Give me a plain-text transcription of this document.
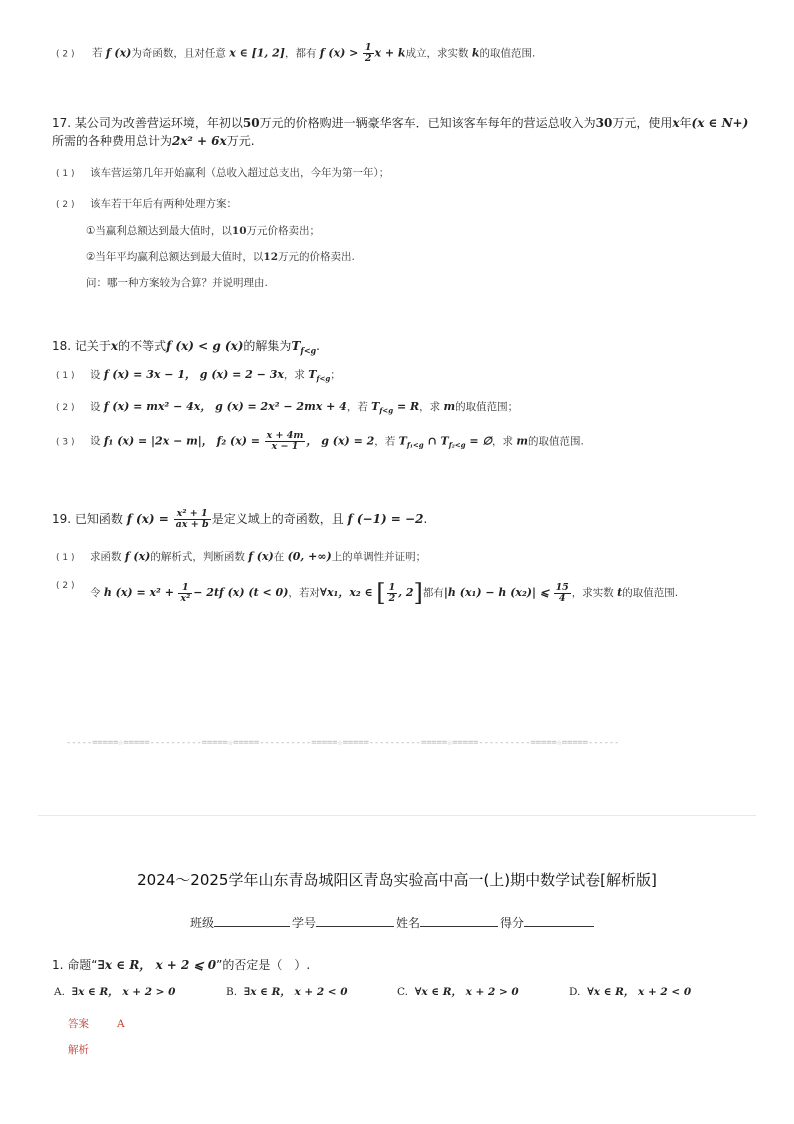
( 2 ) 若 f (x)为奇函数，且对任意 x ∈ [1, 2]，都有 f $(x) > \frac{1}{2}$ x + k成立，求实数 k的取值范围.
17. 某公司为改善营运环境，年初以50万元的价格购进一辆豪华客车．已知该客车每年的营运总收入为30万元，使用x年(x ∈ N+)
所需的各种费用总计为2x² + 6x万元.
( 1 ) 该车营运第几年开始赢利（总收入超过总支出，今年为第一年）；
( 2 ) 该车若干年后有两种处理方案：
①当赢利总额达到最大值时，以10万元价格卖出；
②当年平均赢利总额达到最大值时，以12万元的价格卖出.
问：哪一种方案较为合算？并说明理由.
18. 记关于x的不等式f (x) < g (x)的解集为$T_{f<g}$.
( 1 ) 设 f (x) = 3x − 1， g (x) = 2 − 3x，求 $T_{f<g}$；
( 2 ) 设 f (x) = mx² − 4x， g (x) = 2x² − 2mx + 4，若 $T_{f<g} = R$，求 m的取值范围；
( 3 ) 设 f₁ (x) = |2x − m|， f₂ $(x) = \frac{x + 4m}{x - 1}$ ， g (x) = 2，若 $T_{f_1<g}$ ∩ $T_{f_2<g}$ = ∅，求 m的取值范围.
19. 已知函数 f $(x) = \frac{\text{x² + 1}}{ax + b}$ 是定义域上的奇函数，且 f (−1) = −2.
( 1 ) 求函数 f (x)的解析式，判断函数 f (x)在 (0, +∞)上的单调性并证明；
$^{( 2 )}$ 令 h $(x) = x^2 + \frac{1}{\text{x²}} - 2tf$ (x) (t < 0)，若对∀x₁，x₂ ∈ [ $\frac{1}{2}$ , 2]都有|h (x₁) − h (x₂)| ⩽ $\frac{15}{4}$ ，求实数 t的取值范围.
-----=====☆=====----------=====☆=====----------=====☆=====----------=====☆=====----------=====☆=====------
2024～2025学年山东青岛城阳区青岛实验高中高一(上)期中数学试卷[解析版]
班级	学号	姓名	得分
1. 命题“∃x ∈ R， x + 2 ⩽ 0”的否定是（　）.
A. ∃x ∈ R， x + 2 > 0	B. ∃x ∈ R， x + 2 < 0	C. ∀x ∈ R， x + 2 > 0	D. ∀x ∈ R， x + 2 < 0
答案	A
解析
